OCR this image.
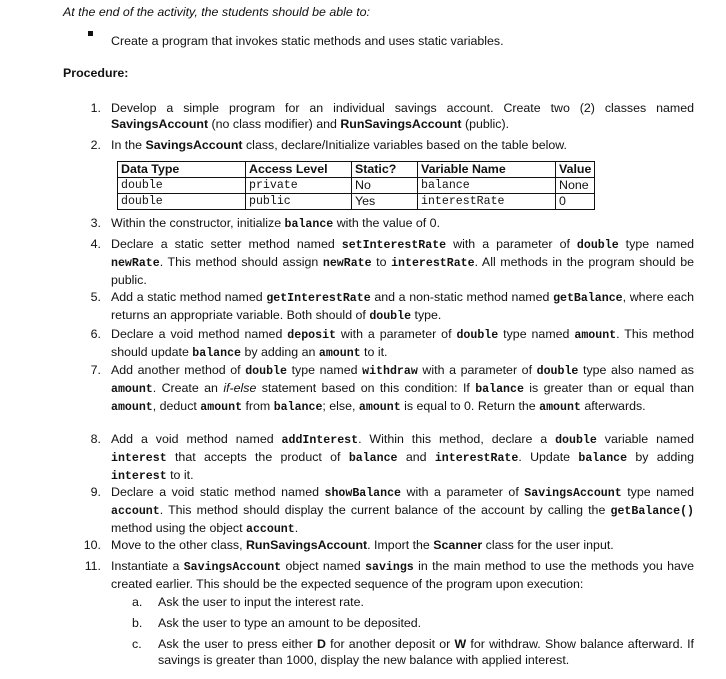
At the end of the activity, the students should be able to:
Create a program that invokes static methods and uses static variables.
Procedure:
1. Develop a simple program for an individual savings account. Create two (2) classes named SavingsAccount (no class modifier) and RunSavingsAccount (public).
2. In the SavingsAccount class, declare/Initialize variables based on the table below.
Data Type	Access Level	Static?	Variable Name	Value
double	private	No	balance	None
double	public	Yes	interestRate	0
3. Within the constructor, initialize balance with the value of 0.
4. Declare a static setter method named setInterestRate with a parameter of double type named newRate. This method should assign newRate to interestRate. All methods in the program should be public.
5. Add a static method named getInterestRate and a non-static method named getBalance, where each returns an appropriate variable. Both should of double type.
6. Declare a void method named deposit with a parameter of double type named amount. This method should update balance by adding an amount to it.
7. Add another method of double type named withdraw with a parameter of double type also named as amount. Create an if-else statement based on this condition: If balance is greater than or equal than amount, deduct amount from balance; else, amount is equal to 0. Return the amount afterwards.
8. Add a void method named addInterest. Within this method, declare a double variable named interest that accepts the product of balance and interestRate. Update balance by adding interest to it.
9. Declare a void static method named showBalance with a parameter of SavingsAccount type named account. This method should display the current balance of the account by calling the getBalance() method using the object account.
10. Move to the other class, RunSavingsAccount. Import the Scanner class for the user input.
11. Instantiate a SavingsAccount object named savings in the main method to use the methods you have created earlier. This should be the expected sequence of the program upon execution:
a.	Ask the user to input the interest rate.
b.	Ask the user to type an amount to be deposited.
c.	Ask the user to press either D for another deposit or W for withdraw. Show balance afterward. If savings is greater than 1000, display the new balance with applied interest.
